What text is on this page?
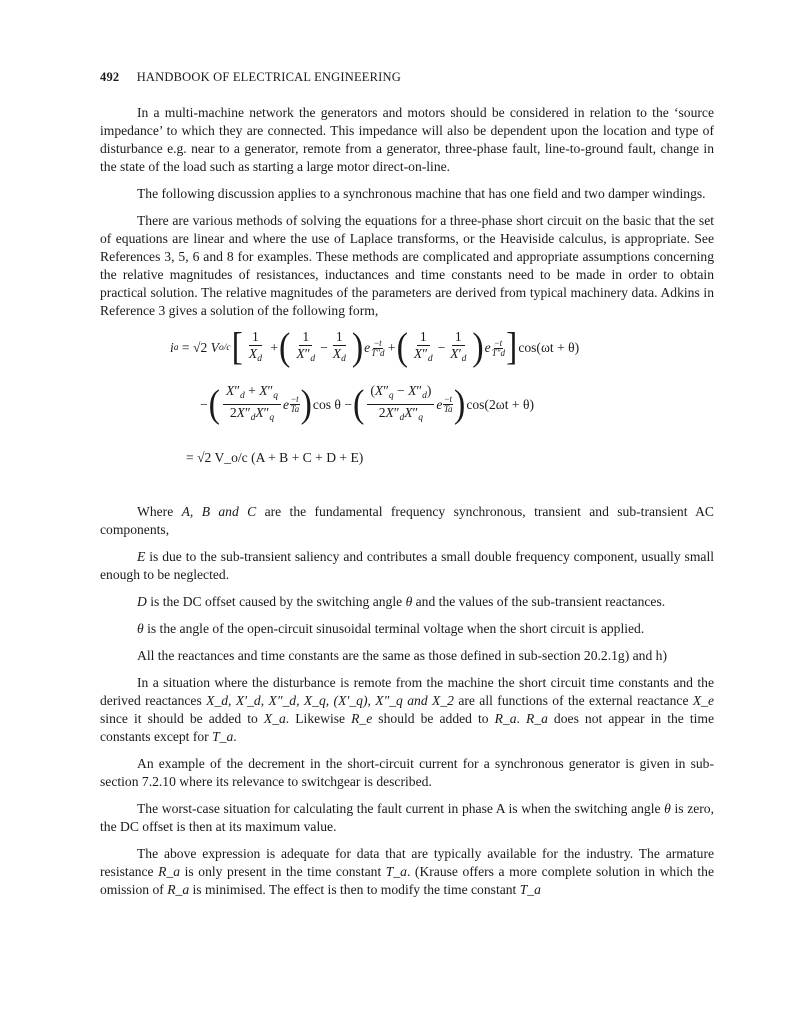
492 HANDBOOK OF ELECTRICAL ENGINEERING

In a multi-machine network the generators and motors should be considered in relation to the ‘source impedance’ to which they are connected. This impedance will also be dependent upon the location and type of disturbance e.g. near to a generator, remote from a generator, three-phase fault, line-to-ground fault, change in the state of the load such as starting a large motor direct-on-line.

The following discussion applies to a synchronous machine that has one field and two damper windings.

There are various methods of solving the equations for a three-phase short circuit on the basic that the set of equations are linear and where the use of Laplace transforms, or the Heaviside calculus, is appropriate. See References 3, 5, 6 and 8 for examples. These methods are complicated and appropriate assumptions concerning the relative magnitudes of resistances, inductances and time constants need to be made in order to obtain practical solution. The relative magnitudes of the parameters are derived from typical machinery data. Adkins in Reference 3 gives a solution of the following form,

i a = √2 V o/c [ $\frac{1}{X_d}$ + ( $\frac{1}{X''_d} - \frac{1}{X_d}$ ) e −t
T″d + ( $\frac{1}{X''_d} - \frac{1}{X'_d}$ ) e −t
T″d ] cos(ωt + θ)
− ( $\frac{X''_d + X''_q}{2X''_dX''_q}$ e −t
Ta ) cos θ − ( $\frac{(X''_q - X''_d)}{2X''_dX''_q}$ e −t
Ta ) cos(2ωt + θ)
= √2 V_o/c (A + B + C + D + E)

Where A, B and C are the fundamental frequency synchronous, transient and sub-transient AC components,

E is due to the sub-transient saliency and contributes a small double frequency component, usually small enough to be neglected.

D is the DC offset caused by the switching angle θ and the values of the sub-transient reactances.

θ is the angle of the open-circuit sinusoidal terminal voltage when the short circuit is applied.

All the reactances and time constants are the same as those defined in sub-section 20.2.1g) and h)

In a situation where the disturbance is remote from the machine the short circuit time constants and the derived reactances X_d, X′_d, X″_d, X_q, (X′_q), X″_q and X_2 are all functions of the external reactance X_e since it should be added to X_a. Likewise R_e should be added to R_a. R_a does not appear in the time constants except for T_a.

An example of the decrement in the short-circuit current for a synchronous generator is given in sub-section 7.2.10 where its relevance to switchgear is described.

The worst-case situation for calculating the fault current in phase A is when the switching angle θ is zero, the DC offset is then at its maximum value.

The above expression is adequate for data that are typically available for the industry. The armature resistance R_a is only present in the time constant T_a. (Krause offers a more complete solution in which the omission of R_a is minimised. The effect is then to modify the time constant T_a
